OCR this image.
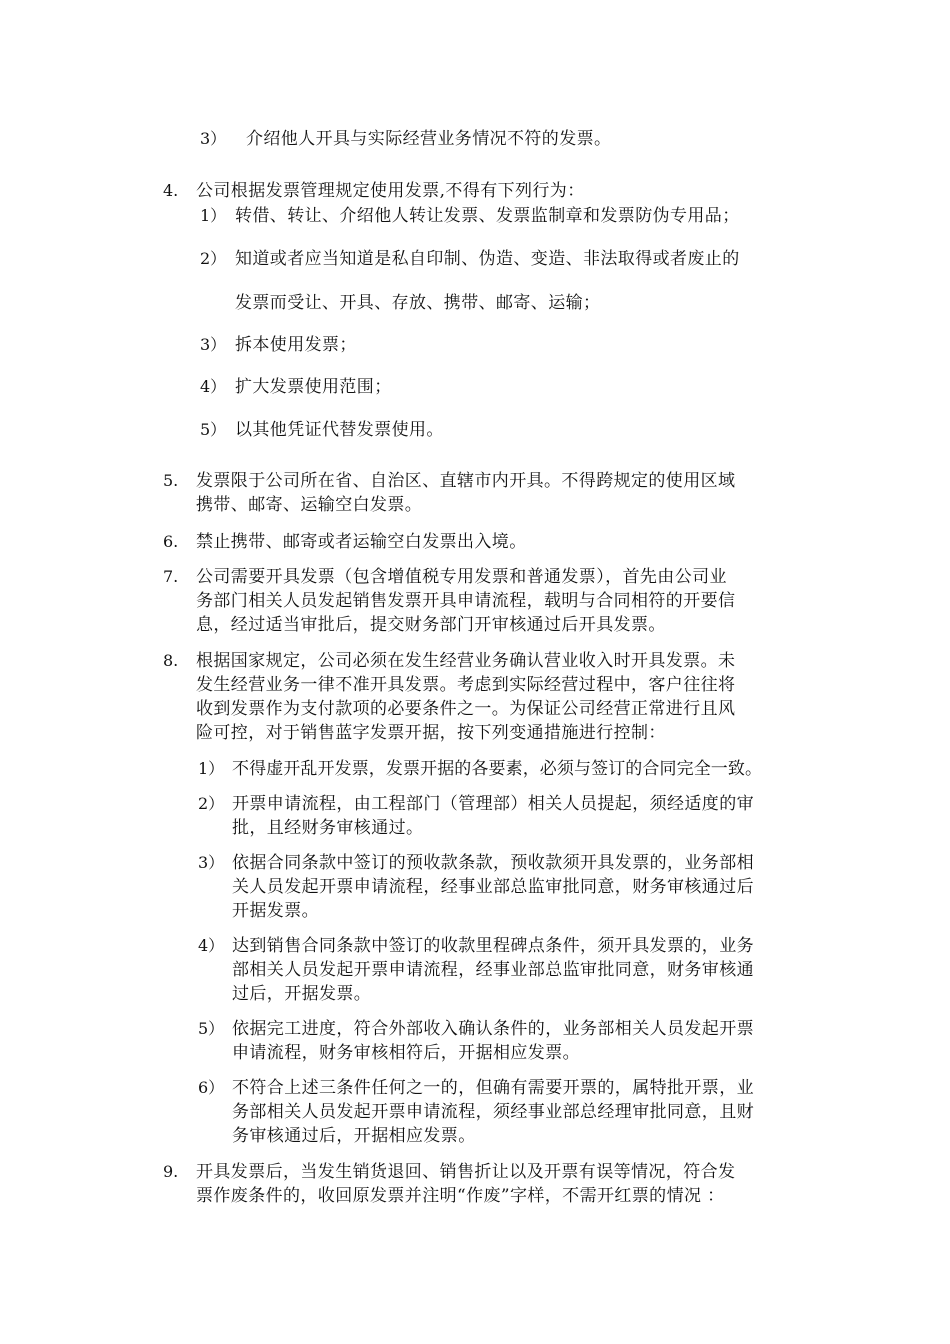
3） 介绍他人开具与实际经营业务情况不符的发票。
4. 公司根据发票管理规定使用发票,不得有下列行为：
1） 转借、转让、介绍他人转让发票、发票监制章和发票防伪专用品；
2） 知道或者应当知道是私自印制、伪造、变造、非法取得或者废止的
发票而受让、开具、存放、携带、邮寄、运输；
3） 拆本使用发票；
4） 扩大发票使用范围；
5） 以其他凭证代替发票使用。
5. 发票限于公司所在省、自治区、直辖市内开具。不得跨规定的使用区域
携带、邮寄、运输空白发票。
6. 禁止携带、邮寄或者运输空白发票出入境。
7. 公司需要开具发票（包含增值税专用发票和普通发票），首先由公司业
务部门相关人员发起销售发票开具申请流程，载明与合同相符的开要信
息，经过适当审批后，提交财务部门开审核通过后开具发票。
8. 根据国家规定，公司必须在发生经营业务确认营业收入时开具发票。未
发生经营业务一律不准开具发票。考虑到实际经营过程中，客户往往将
收到发票作为支付款项的必要条件之一。为保证公司经营正常进行且风
险可控，对于销售蓝字发票开据，按下列变通措施进行控制：
1） 不得虚开乱开发票，发票开据的各要素，必须与签订的合同完全一致。
2） 开票申请流程，由工程部门（管理部）相关人员提起，须经适度的审
批，且经财务审核通过。
3） 依据合同条款中签订的预收款条款，预收款须开具发票的，业务部相
关人员发起开票申请流程，经事业部总监审批同意，财务审核通过后
开据发票。
4） 达到销售合同条款中签订的收款里程碑点条件，须开具发票的，业务
部相关人员发起开票申请流程，经事业部总监审批同意，财务审核通
过后，开据发票。
5） 依据完工进度，符合外部收入确认条件的，业务部相关人员发起开票
申请流程，财务审核相符后，开据相应发票。
6） 不符合上述三条件任何之一的，但确有需要开票的，属特批开票，业
务部相关人员发起开票申请流程，须经事业部总经理审批同意，且财
务审核通过后，开据相应发票。
9. 开具发票后，当发生销货退回、销售折让以及开票有误等情况，符合发
票作废条件的，收回原发票并注明“作废”字样，不需开红票的情况 ：
